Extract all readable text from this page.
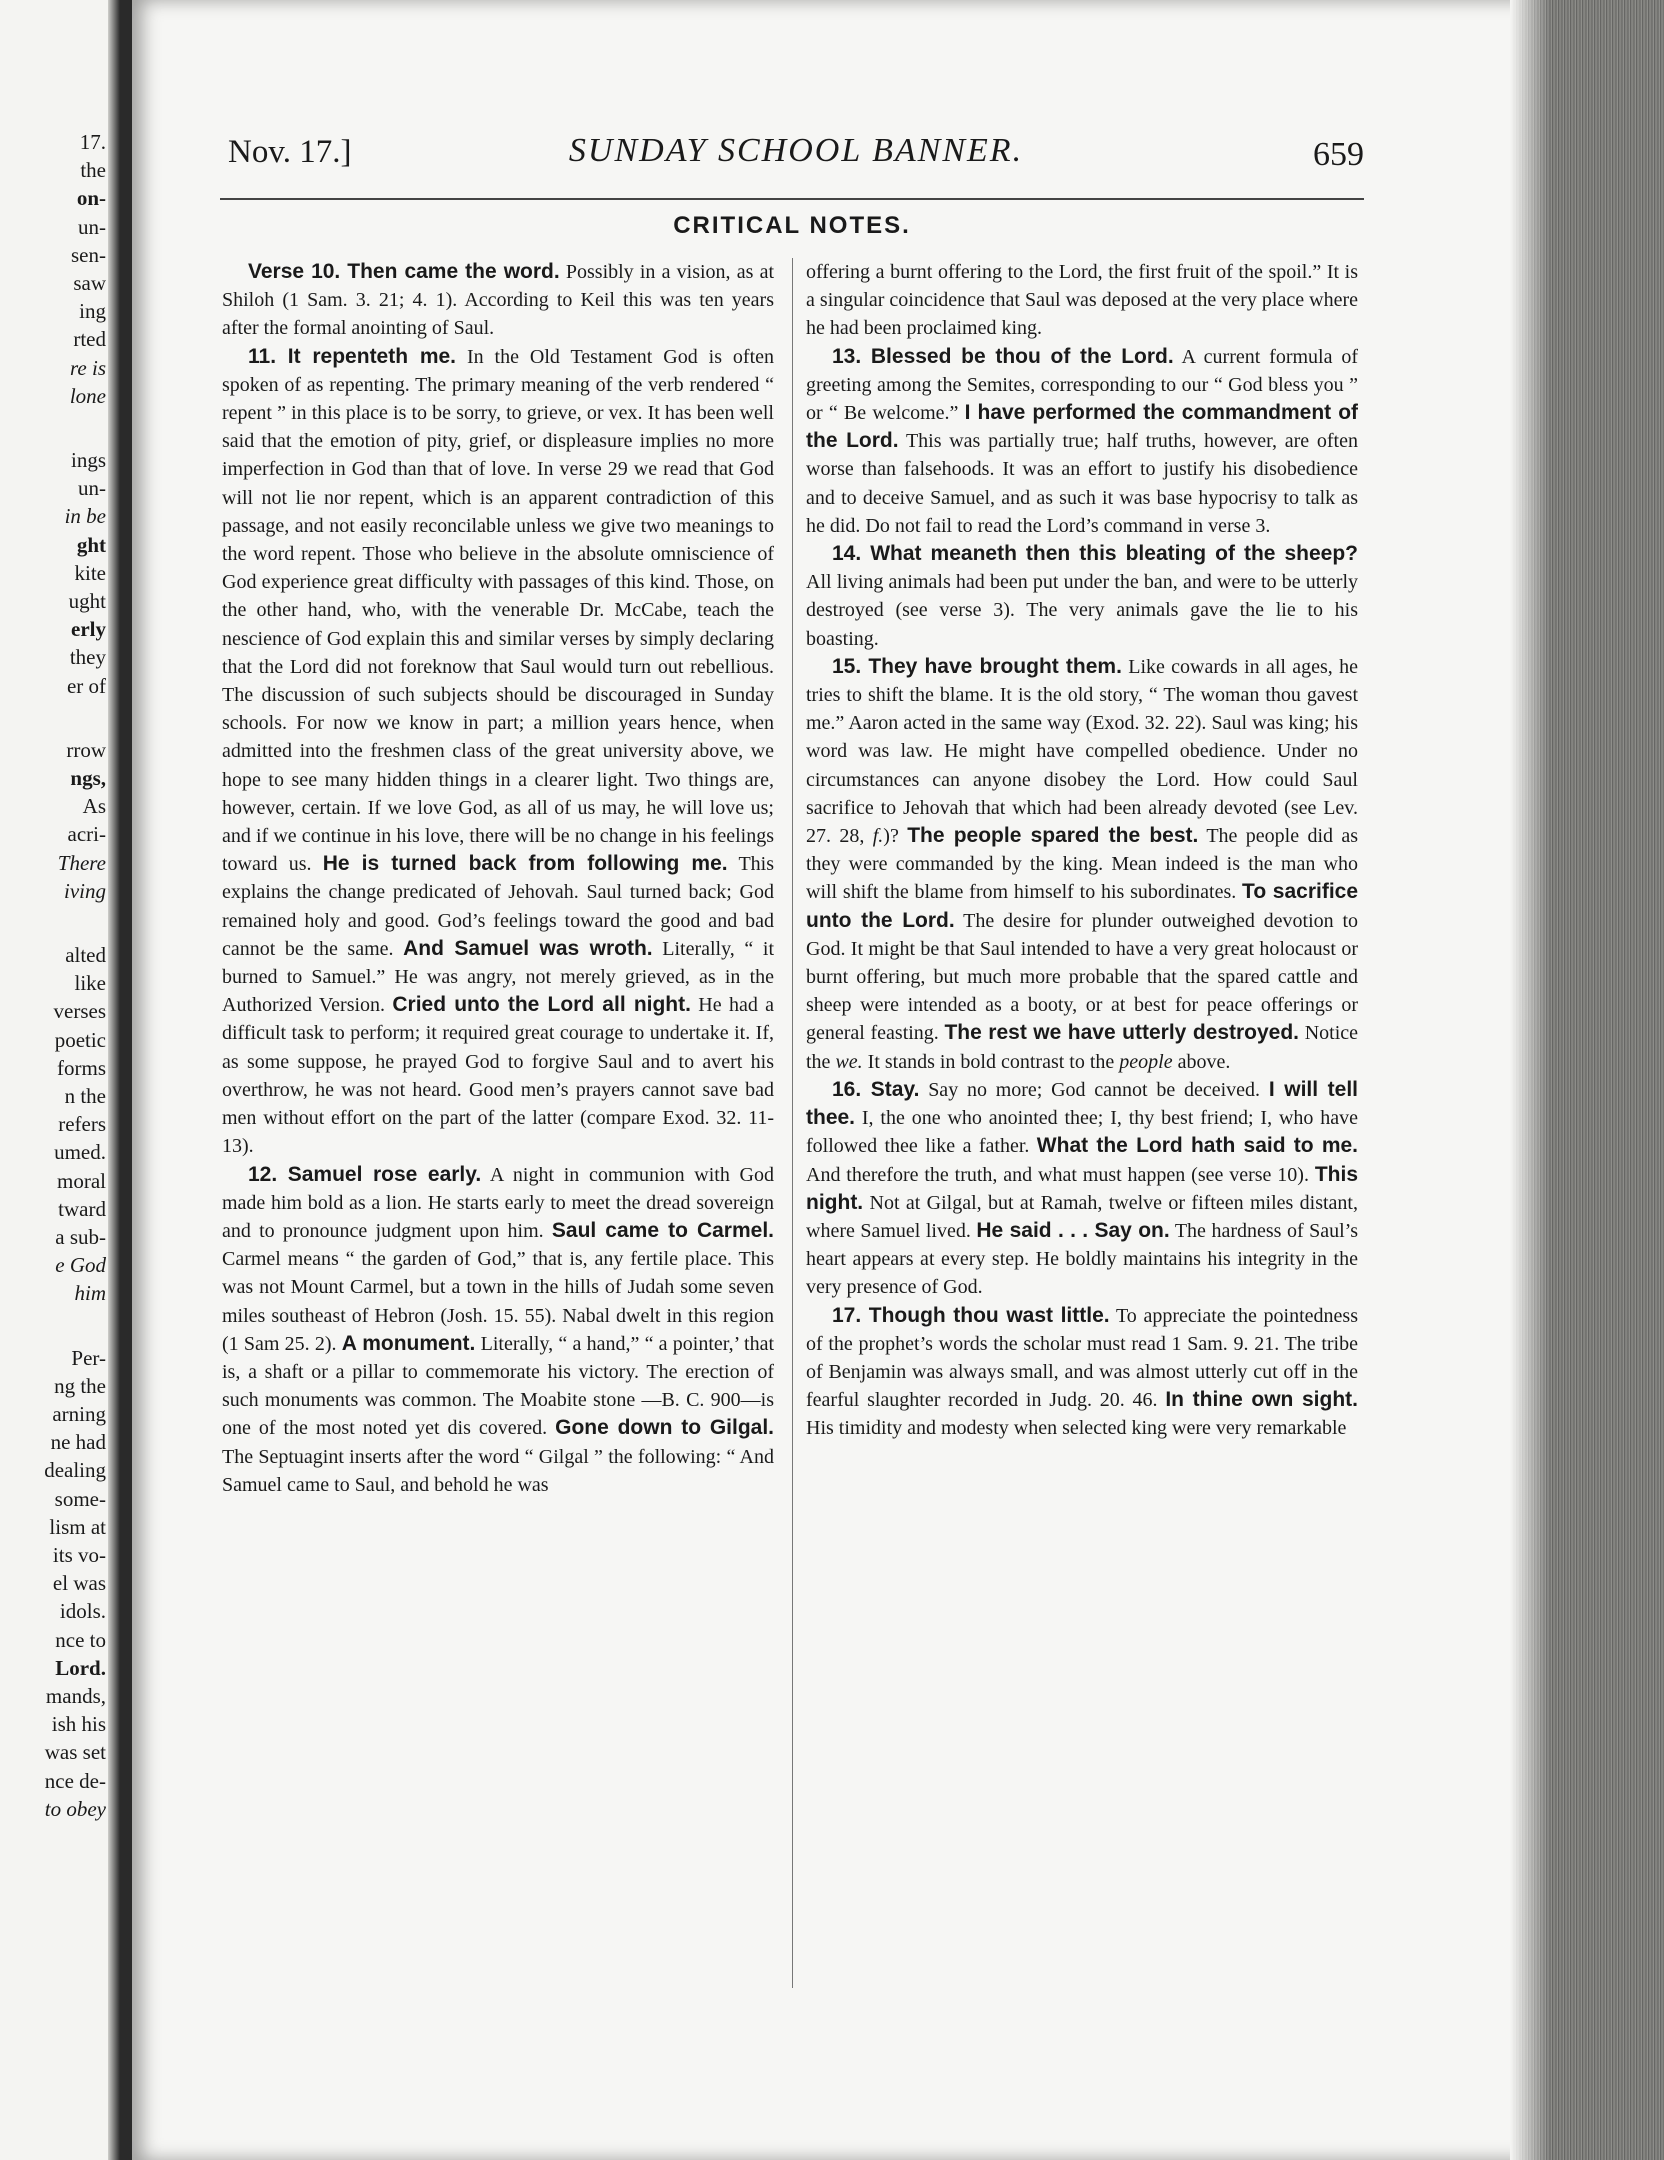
17.
the
on-
un-
sen-
saw
ing
rted
re is
lone
ings
un-
in be
ght
kite
ught
erly
they
er of
rrow
ngs,
As
acri-
There
iving
alted
like
verses
poetic
forms
n the
refers
umed.
moral
tward
a sub-
e God
him
Per-
ng the
arning
ne had
dealing
some-
lism at
its vo-
el was
idols.
nce to
Lord.
mands,
ish his
was set
nce de-
to obey
Nov. 17.]	SUNDAY SCHOOL BANNER.	659
CRITICAL NOTES.

Verse 10. Then came the word. Possibly in a vision, as at Shiloh (1 Sam. 3. 21; 4. 1). According to Keil this was ten years after the formal anointing of Saul.

11. It repenteth me. In the Old Testament God is often spoken of as repenting. The primary meaning of the verb rendered “ repent ” in this place is to be sorry, to grieve, or vex. It has been well said that the emotion of pity, grief, or displeasure implies no more imperfection in God than that of love. In verse 29 we read that God will not lie nor repent, which is an apparent contradiction of this passage, and not easily reconcilable unless we give two meanings to the word repent. Those who believe in the absolute omniscience of God experience great difficulty with passages of this kind. Those, on the other hand, who, with the venerable Dr. McCabe, teach the nescience of God explain this and similar verses by simply declaring that the Lord did not foreknow that Saul would turn out rebellious. The discussion of such subjects should be discouraged in Sunday schools. For now we know in part; a million years hence, when admitted into the freshmen class of the great university above, we hope to see many hidden things in a clearer light. Two things are, however, certain. If we love God, as all of us may, he will love us; and if we continue in his love, there will be no change in his feelings toward us. He is turned back from following me. This explains the change predicated of Jehovah. Saul turned back; God remained holy and good. God’s feelings toward the good and bad cannot be the same. And Samuel was wroth. Literally, “ it burned to Samuel.” He was angry, not merely grieved, as in the Authorized Version. Cried unto the Lord all night. He had a difficult task to perform; it required great courage to undertake it. If, as some suppose, he prayed God to forgive Saul and to avert his overthrow, he was not heard. Good men’s prayers cannot save bad men without effort on the part of the latter (compare Exod. 32. 11-13).

12. Samuel rose early. A night in communion with God made him bold as a lion. He starts early to meet the dread sovereign and to pronounce judgment upon him. Saul came to Carmel. Carmel means “ the garden of God,” that is, any fertile place. This was not Mount Carmel, but a town in the hills of Judah some seven miles southeast of Hebron (Josh. 15. 55). Nabal dwelt in this region (1 Sam 25. 2). A monument. Literally, “ a hand,” “ a pointer,’ that is, a shaft or a pillar to commemorate his victory. The erection of such monuments was common. The Moabite stone —B. C. 900—is one of the most noted yet dis covered. Gone down to Gilgal. The Septuagint inserts after the word “ Gilgal ” the following: “ And Samuel came to Saul, and behold he was

offering a burnt offering to the Lord, the first fruit of the spoil.” It is a singular coincidence that Saul was deposed at the very place where he had been proclaimed king.

13. Blessed be thou of the Lord. A current formula of greeting among the Semites, corresponding to our “ God bless you ” or “ Be welcome.” I have performed the commandment of the Lord. This was partially true; half truths, however, are often worse than falsehoods. It was an effort to justify his disobedience and to deceive Samuel, and as such it was base hypocrisy to talk as he did. Do not fail to read the Lord’s command in verse 3.

14. What meaneth then this bleating of the sheep? All living animals had been put under the ban, and were to be utterly destroyed (see verse 3). The very animals gave the lie to his boasting.

15. They have brought them. Like cowards in all ages, he tries to shift the blame. It is the old story, “ The woman thou gavest me.” Aaron acted in the same way (Exod. 32. 22). Saul was king; his word was law. He might have compelled obedience. Under no circumstances can anyone disobey the Lord. How could Saul sacrifice to Jehovah that which had been already devoted (see Lev. 27. 28, f.)? The people spared the best. The people did as they were commanded by the king. Mean indeed is the man who will shift the blame from himself to his subordinates. To sacrifice unto the Lord. The desire for plunder outweighed devotion to God. It might be that Saul intended to have a very great holocaust or burnt offering, but much more probable that the spared cattle and sheep were intended as a booty, or at best for peace offerings or general feasting. The rest we have utterly destroyed. Notice the we. It stands in bold contrast to the people above.

16. Stay. Say no more; God cannot be deceived. I will tell thee. I, the one who anointed thee; I, thy best friend; I, who have followed thee like a father. What the Lord hath said to me. And therefore the truth, and what must happen (see verse 10). This night. Not at Gilgal, but at Ramah, twelve or fifteen miles distant, where Samuel lived. He said . . . Say on. The hardness of Saul’s heart appears at every step. He boldly maintains his integrity in the very presence of God.

17. Though thou wast little. To appreciate the pointedness of the prophet’s words the scholar must read 1 Sam. 9. 21. The tribe of Benjamin was always small, and was almost utterly cut off in the fearful slaughter recorded in Judg. 20. 46. In thine own sight. His timidity and modesty when selected king were very remarkable
